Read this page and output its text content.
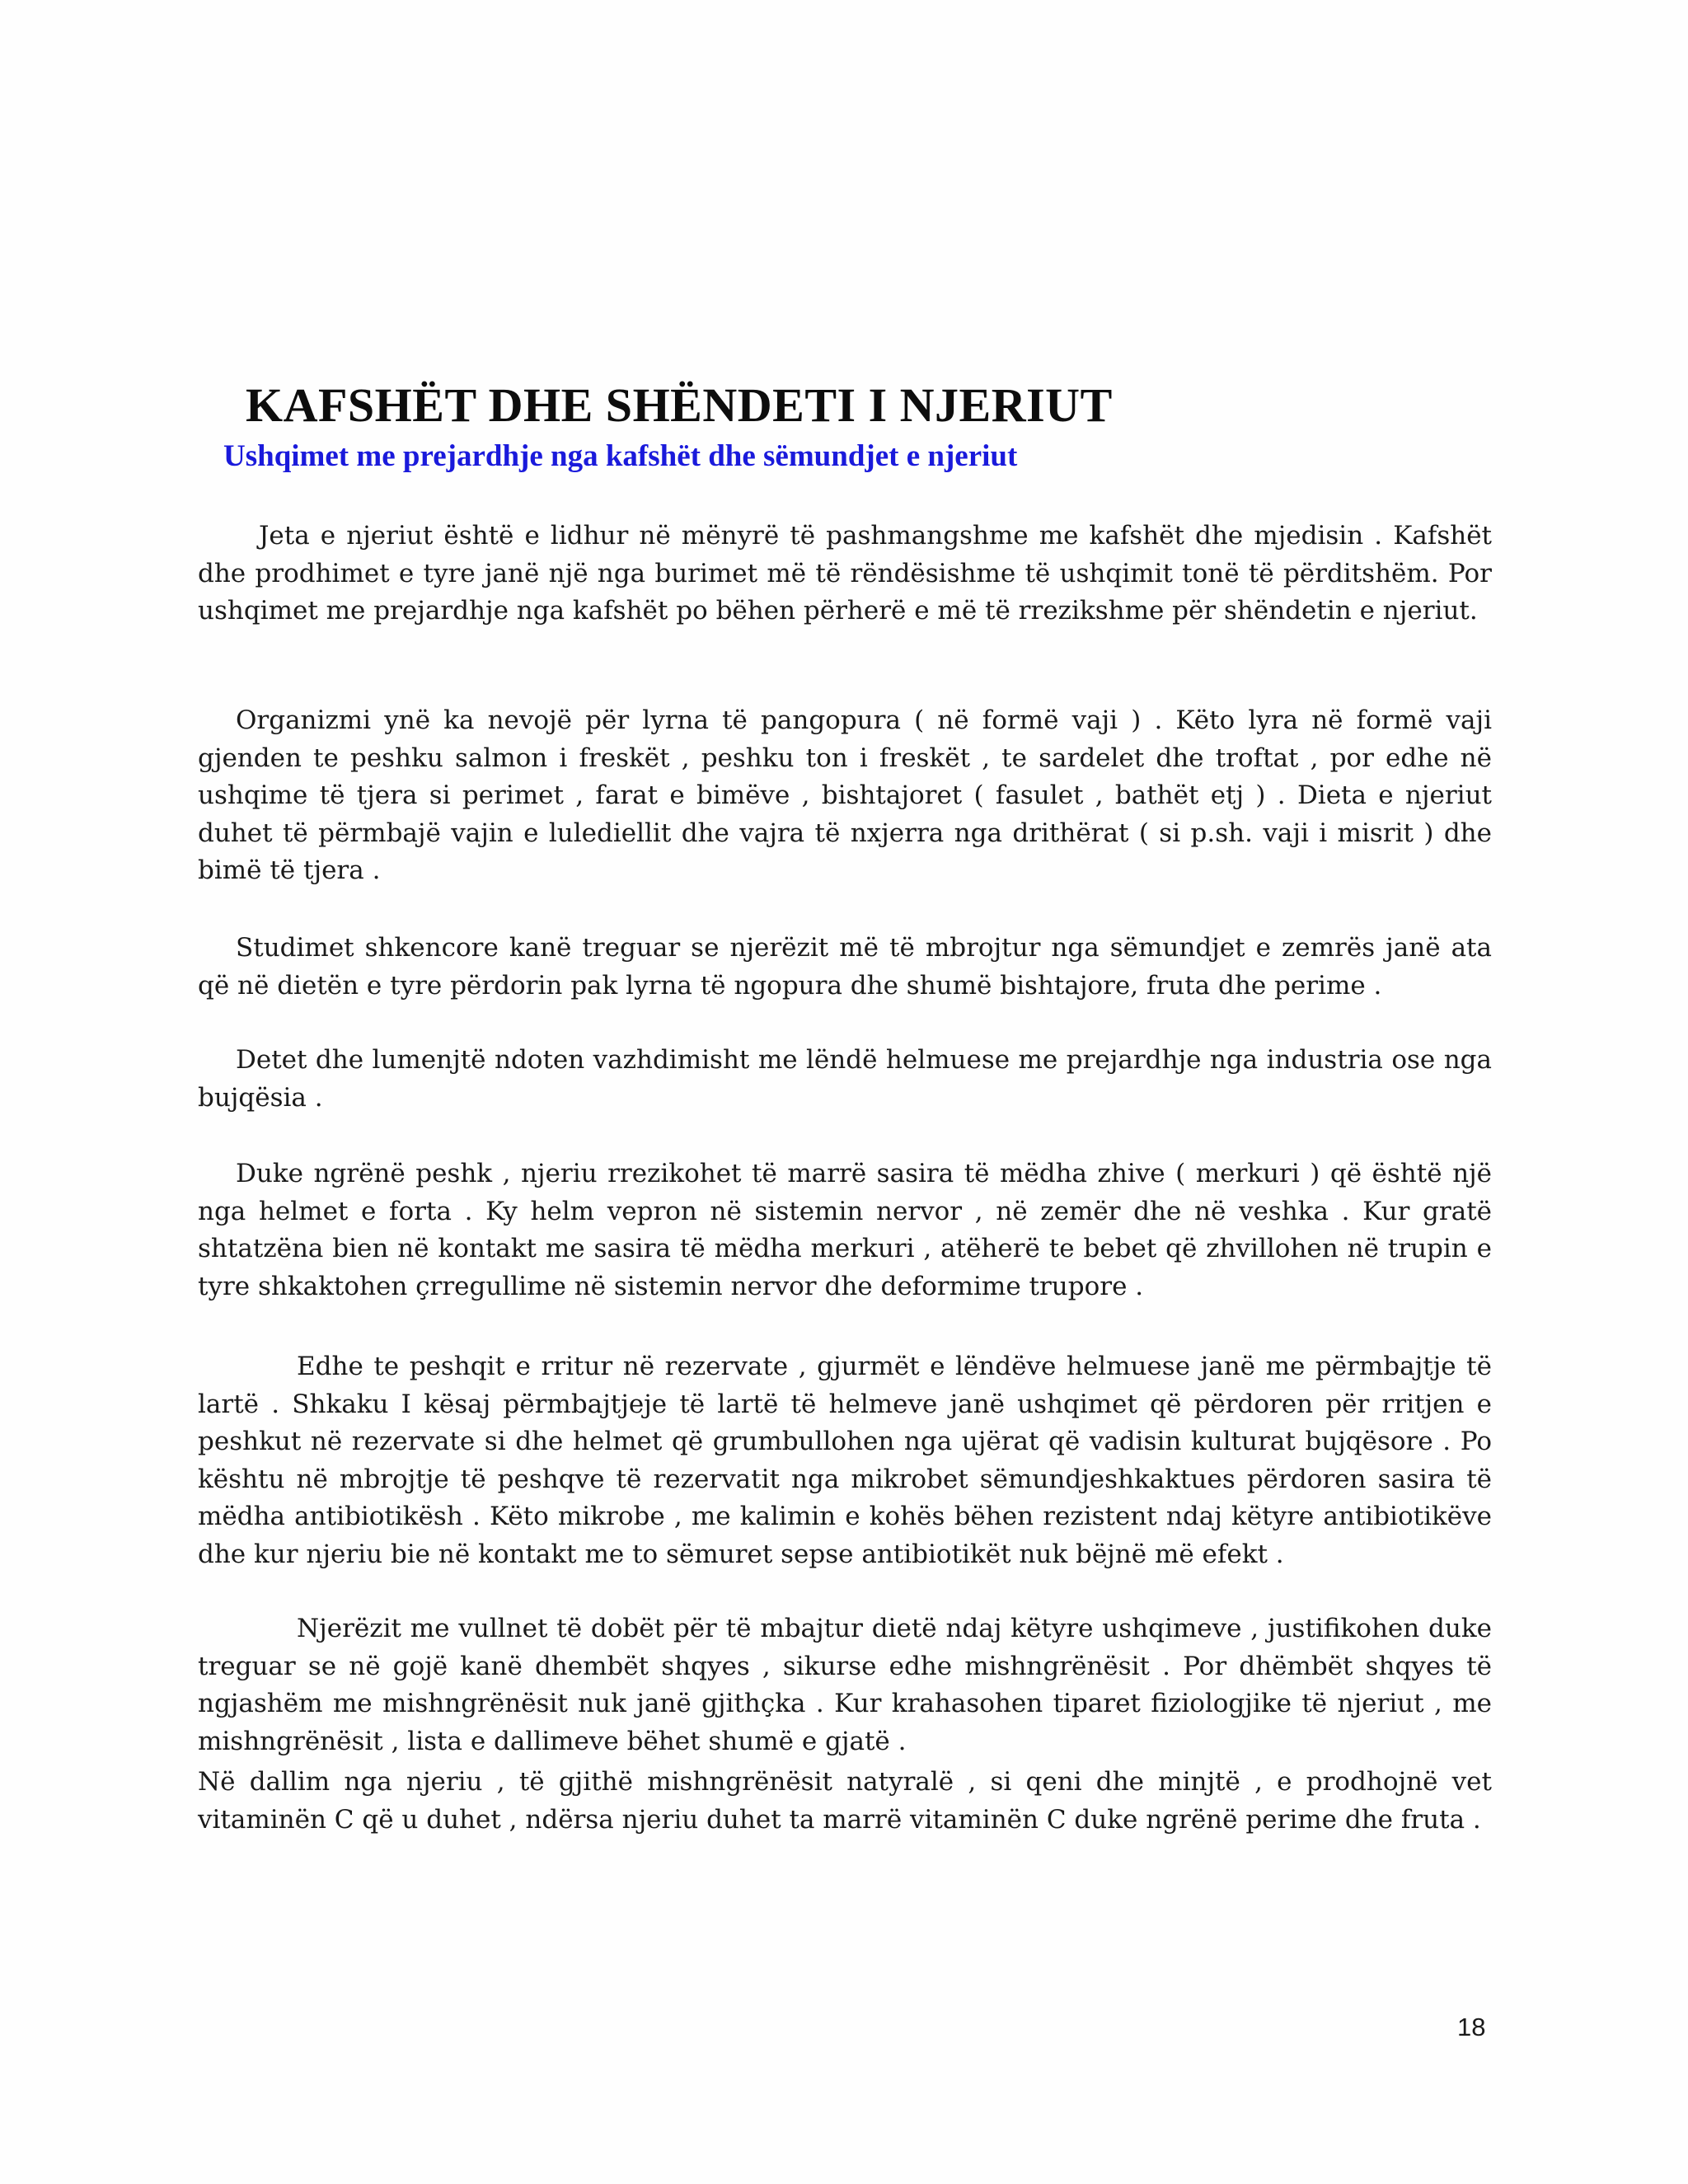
KAFSHËT DHE SHËNDETI I NJERIUT
Ushqimet me prejardhje nga kafshët dhe sëmundjet e njeriut

Jeta e njeriut është e lidhur në mënyrë të pashmangshme me kafshët dhe mjedisin . Kafshët dhe prodhimet e tyre janë një nga burimet më të rëndësishme të ushqimit tonë të përditshëm. Por ushqimet me prejardhje nga kafshët po bëhen përherë e më të rrezikshme për shëndetin e njeriut.

Organizmi ynë ka nevojë për lyrna të pangopura ( në formë vaji ) . Këto lyra në formë vaji gjenden te peshku salmon i freskët , peshku ton i freskët , te sardelet dhe troftat , por edhe në ushqime të tjera si perimet , farat e bimëve , bishtajoret ( fasulet , bathët etj ) . Dieta e njeriut duhet të përmbajë vajin e lulediellit dhe vajra të nxjerra nga drithërat ( si p.sh. vaji i misrit ) dhe bimë të tjera .

Studimet shkencore kanë treguar se njerëzit më të mbrojtur nga sëmundjet e zemrës janë ata që në dietën e tyre përdorin pak lyrna të ngopura dhe shumë bishtajore, fruta dhe perime .

Detet dhe lumenjtë ndoten vazhdimisht me lëndë helmuese me prejardhje nga industria ose nga bujqësia .

Duke ngrënë peshk , njeriu rrezikohet të marrë sasira të mëdha zhive ( merkuri ) që është një nga helmet e forta . Ky helm vepron në sistemin nervor , në zemër dhe në veshka . Kur gratë shtatzëna bien në kontakt me sasira të mëdha merkuri , atëherë te bebet që zhvillohen në trupin e tyre shkaktohen çrregullime në sistemin nervor dhe deformime trupore .

Edhe te peshqit e rritur në rezervate , gjurmët e lëndëve helmuese janë me përmbajtje të lartë . Shkaku I kësaj përmbajtjeje të lartë të helmeve janë ushqimet që përdoren për rritjen e peshkut në rezervate si dhe helmet që grumbullohen nga ujërat që vadisin kulturat bujqësore . Po kështu në mbrojtje të peshqve të rezervatit nga mikrobet sëmundjeshkaktues përdoren sasira të mëdha antibiotikësh . Këto mikrobe , me kalimin e kohës bëhen rezistent ndaj këtyre antibiotikëve dhe kur njeriu bie në kontakt me to sëmuret sepse antibiotikët nuk bëjnë më efekt .

Njerëzit me vullnet të dobët për të mbajtur dietë ndaj këtyre ushqimeve , justifikohen duke treguar se në gojë kanë dhembët shqyes , sikurse edhe mishngrënësit . Por dhëmbët shqyes të ngjashëm me mishngrënësit nuk janë gjithçka . Kur krahasohen tiparet fiziologjike të njeriut , me mishngrënësit , lista e dallimeve bëhet shumë e gjatë .

Në dallim nga njeriu , të gjithë mishngrënësit natyralë , si qeni dhe minjtë , e prodhojnë vet vitaminën C që u duhet , ndërsa njeriu duhet ta marrë vitaminën C duke ngrënë perime dhe fruta .

18
